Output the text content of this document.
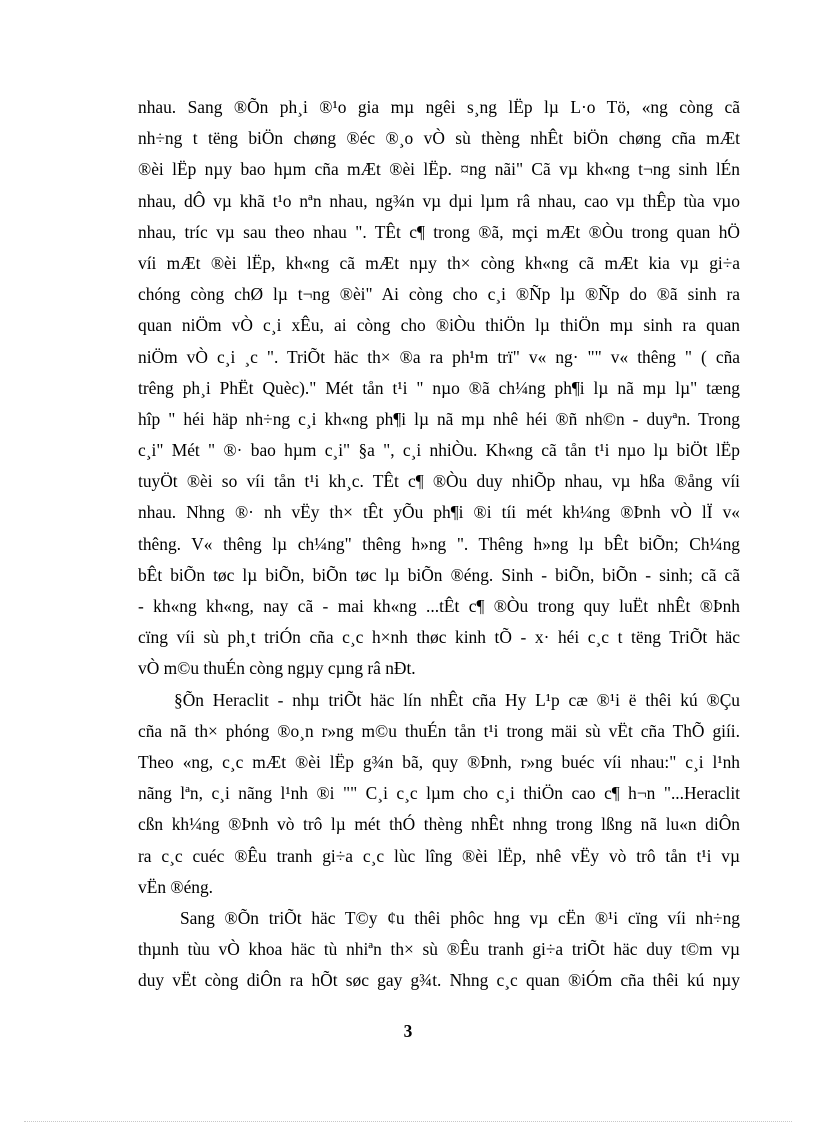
nhau. Sang ®Õn ph¸i ®¹o gia mµ ngêi s¸ng lËp lµ L·o Tö, «ng còng cã
nh÷ng t tëng biÖn chøng ®éc ®¸o vÒ sù thèng nhÊt biÖn chøng cña mÆt
®èi lËp nµy bao hµm cña mÆt ®èi lËp. ¤ng nãi" Cã vµ kh«ng t¬ng sinh lÉn
nhau, dÔ vµ khã t¹o nªn nhau, ng¾n vµ dµi lµm râ nhau, cao vµ thÊp tùa vµo
nhau, tríc vµ sau theo nhau ". TÊt c¶ trong ®ã, mçi mÆt ®Òu trong quan hÖ
víi mÆt ®èi lËp, kh«ng cã mÆt nµy th× còng kh«ng cã mÆt kia vµ gi÷a
chóng còng chØ lµ t¬ng ®èi" Ai còng cho c¸i ®Ñp lµ ®Ñp do ®ã sinh ra
quan niÖm vÒ c¸i xÊu, ai còng cho ®iÒu thiÖn lµ thiÖn mµ sinh ra quan
niÖm vÒ c¸i ¸c ". TriÕt häc th× ®a ra ph¹m trï" v« ng· "" v« thêng " ( cña
trêng ph¸i PhËt Quèc)." Mét tån t¹i " nµo ®ã ch¼ng ph¶i lµ nã mµ lµ" tæng
hîp " héi häp nh÷ng c¸i kh«ng ph¶i lµ nã mµ nhê héi ®ñ nh©n - duyªn. Trong
c¸i" Mét " ®· bao hµm c¸i" §a ", c¸i nhiÒu. Kh«ng cã tån t¹i nµo lµ biÖt lËp
tuyÖt ®èi so víi tån t¹i kh¸c. TÊt c¶ ®Òu duy nhiÕp nhau, vµ hßa ®ång víi
nhau. Nhng ®· nh vËy th× tÊt yÕu ph¶i ®i tíi mét kh¼ng ®Þnh vÒ lÏ v«
thêng. V« thêng lµ ch¼ng" thêng h»ng ". Thêng h»ng lµ bÊt biÕn; Ch¼ng
bÊt biÕn tøc lµ biÕn, biÕn tøc lµ biÕn ®éng. Sinh - biÕn, biÕn - sinh; cã cã
- kh«ng kh«ng, nay cã - mai kh«ng ...tÊt c¶ ®Òu trong quy luËt nhÊt ®Þnh
cïng víi sù ph¸t triÓn cña c¸c h×nh thøc kinh tÕ - x· héi c¸c t tëng TriÕt häc
vÒ m©u thuÉn còng ngµy cµng râ nÐt.
§Õn Heraclit - nhµ triÕt häc lín nhÊt cña Hy L¹p cæ ®¹i ë thêi kú ®Çu
cña nã th× phóng ®o¸n r»ng m©u thuÉn tån t¹i trong mäi sù vËt cña ThÕ giíi.
Theo «ng, c¸c mÆt ®èi lËp g¾n bã, quy ®Þnh, r»ng buéc víi nhau:" c¸i l¹nh
nãng lªn, c¸i nãng l¹nh ®i "" C¸i c¸c lµm cho c¸i thiÖn cao c¶ h¬n "...Heraclit
cßn kh¼ng ®Þnh vò trô lµ mét thÓ thèng nhÊt nhng trong lßng nã lu«n diÔn
ra c¸c cuéc ®Êu tranh gi÷a c¸c lùc lîng ®èi lËp, nhê vËy vò trô tån t¹i vµ
vËn ®éng.
Sang ®Õn triÕt häc T©y ¢u thêi phôc hng vµ cËn ®¹i cïng víi nh÷ng
thµnh tùu vÒ khoa häc tù nhiªn th× sù ®Êu tranh gi÷a triÕt häc duy t©m vµ
duy vËt còng diÔn ra hÕt søc gay g¾t. Nhng c¸c quan ®iÓm cña thêi kú nµy
3
